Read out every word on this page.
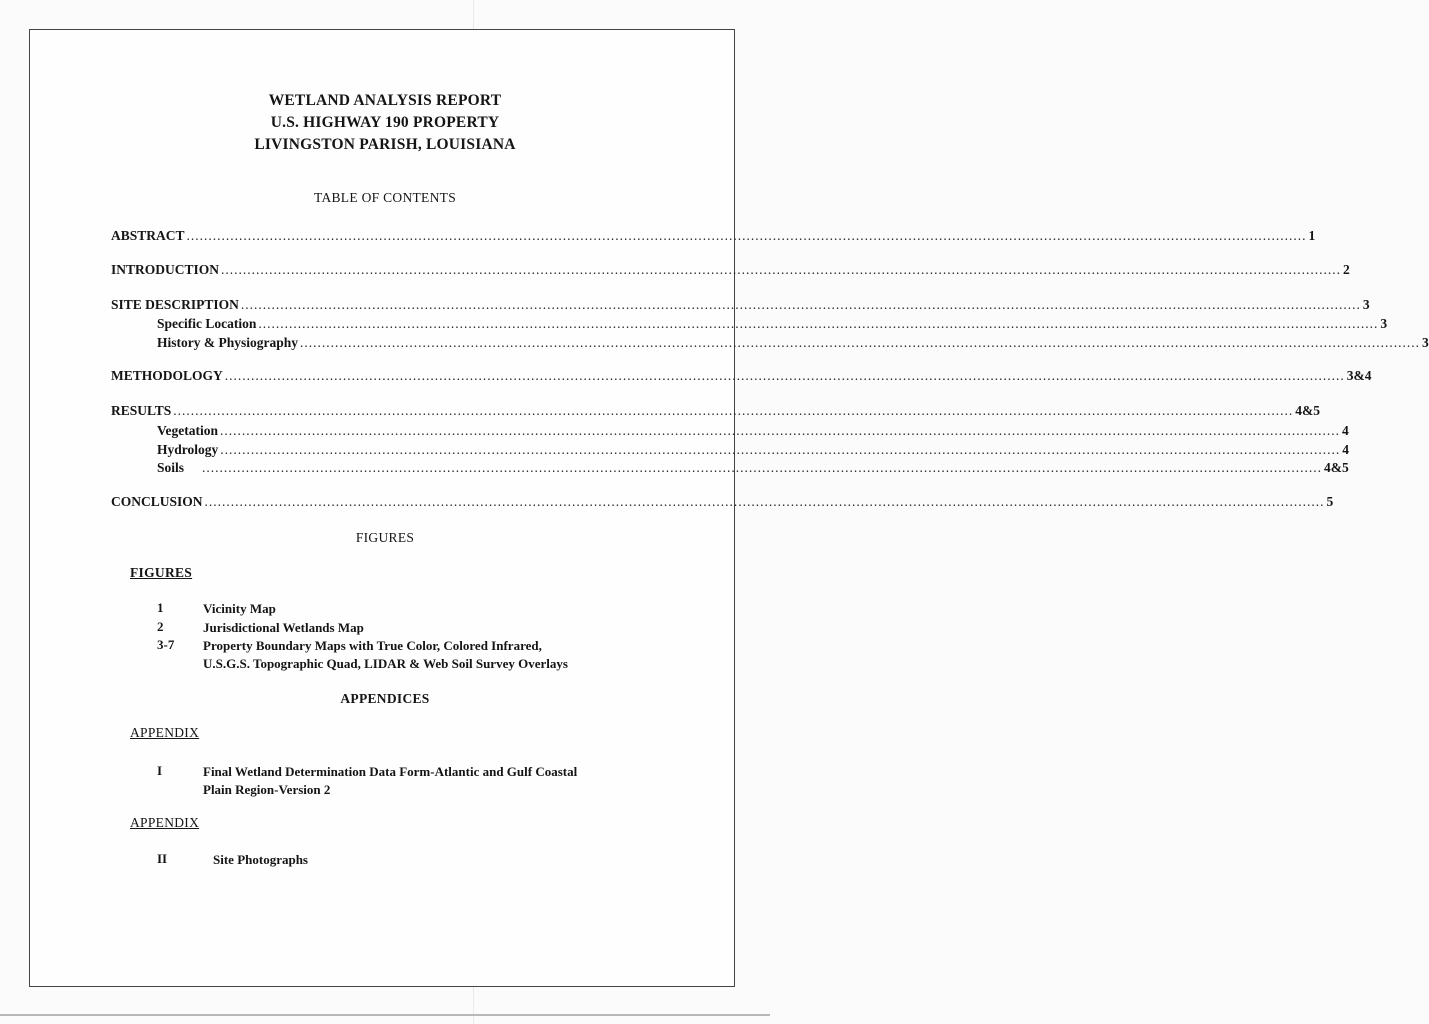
WETLAND ANALYSIS REPORT
U.S. HIGHWAY 190 PROPERTY
LIVINGSTON PARISH, LOUISIANA
TABLE OF CONTENTS
ABSTRACT ................................................................................................................................................................................................................................................................ 1
INTRODUCTION ................................................................................................................................................................................................................................................................ 2
SITE DESCRIPTION ................................................................................................................................................................................................................................................................ 3
Specific Location ................................................................................................................................................................................................................................................................ 3
History & Physiography ................................................................................................................................................................................................................................................................ 3
METHODOLOGY ................................................................................................................................................................................................................................................................ 3&4
RESULTS ................................................................................................................................................................................................................................................................ 4&5
Vegetation ................................................................................................................................................................................................................................................................ 4
Hydrology ................................................................................................................................................................................................................................................................ 4
Soils ................................................................................................................................................................................................................................................................ 4&5
CONCLUSION ................................................................................................................................................................................................................................................................ 5
FIGURES
FIGURES
1	Vicinity Map
2	Jurisdictional Wetlands Map
3-7 Property Boundary Maps with True Color, Colored Infrared,
U.S.G.S. Topographic Quad, LIDAR & Web Soil Survey Overlays
APPENDICES
APPENDIX
I	Final Wetland Determination Data Form-Atlantic and Gulf Coastal
Plain Region-Version 2
APPENDIX
II	Site Photographs
